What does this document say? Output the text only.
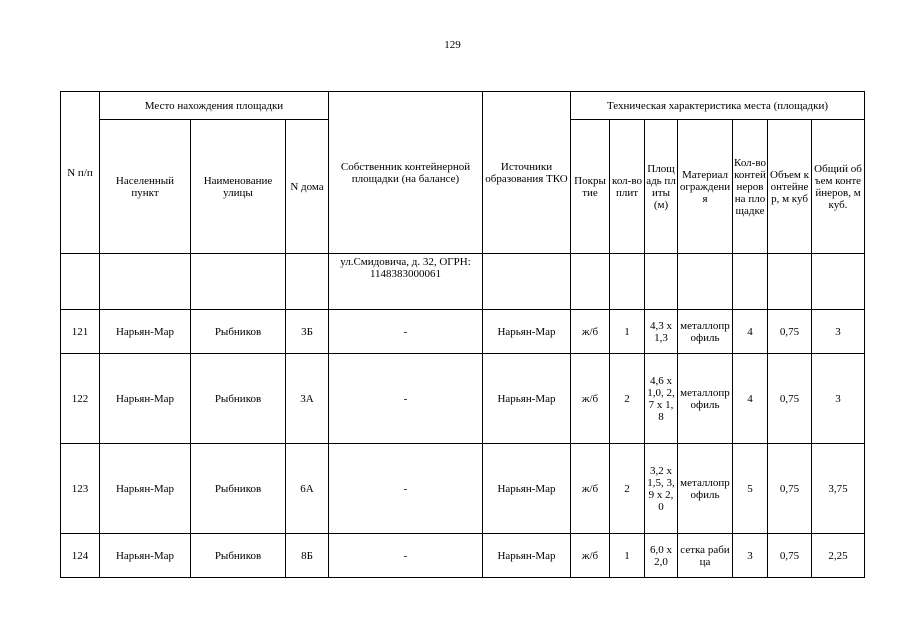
129
N п/п	Место нахождения площадки			Собственник контейнерной площадки (на балансе)	Источники образования ТКО	Техническая характеристика места (площадки)						
	Населенный пункт	Наименование улицы	N дома			Покрытие	кол-во плит	Площадь плиты (м)	Материал ограждения	Кол-во контейнеров на площадке	Объем контейнер, м куб	Общий объем контейнеров, м куб.
				ул.Смидовича, д. 32, ОГРН: 1148383000061								
121	Нарьян-Мар	Рыбников	3Б	-	Нарьян-Мар	ж/б	1	4,3 x 1,3	металлопрофиль	4	0,75	3
122	Нарьян-Мар	Рыбников	3А	-	Нарьян-Мар	ж/б	2	4,6 x 1,0, 2,7 x 1,8	металлопрофиль	4	0,75	3
123	Нарьян-Мар	Рыбников	6А	-	Нарьян-Мар	ж/б	2	3,2 x 1,5, 3,9 x 2,0	металлопрофиль	5	0,75	3,75
124	Нарьян-Мар	Рыбников	8Б	-	Нарьян-Мар	ж/б	1	6,0 x 2,0	сетка рабица	3	0,75	2,25
